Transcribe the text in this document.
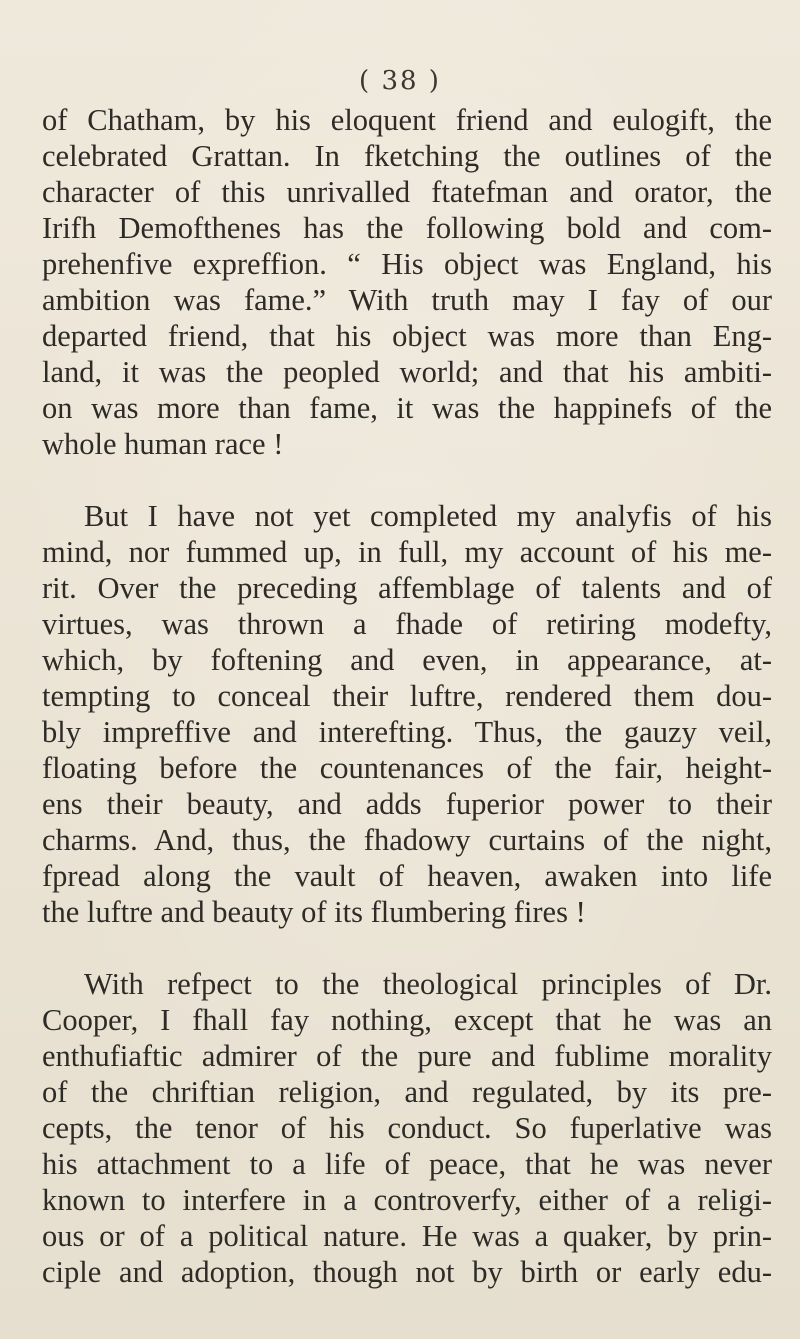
( 38 )
of Chatham, by his eloquent friend and eulogift, the
celebrated Grattan. In fketching the outlines of the
character of this unrivalled ftatefman and orator, the
Irifh Demofthenes has the following bold and com-
prehenfive expreffion. “ His object was England, his
ambition was fame.” With truth may I fay of our
departed friend, that his object was more than Eng-
land, it was the peopled world; and that his ambiti-
on was more than fame, it was the happinefs of the
whole human race !
But I have not yet completed my analyfis of his
mind, nor fummed up, in full, my account of his me-
rit. Over the preceding affemblage of talents and of
virtues, was thrown a fhade of retiring modefty,
which, by foftening and even, in appearance, at-
tempting to conceal their luftre, rendered them dou-
bly impreffive and interefting. Thus, the gauzy veil,
floating before the countenances of the fair, height-
ens their beauty, and adds fuperior power to their
charms. And, thus, the fhadowy curtains of the night,
fpread along the vault of heaven, awaken into life
the luftre and beauty of its flumbering fires !
With refpect to the theological principles of Dr.
Cooper, I fhall fay nothing, except that he was an
enthufiaftic admirer of the pure and fublime morality
of the chriftian religion, and regulated, by its pre-
cepts, the tenor of his conduct. So fuperlative was
his attachment to a life of peace, that he was never
known to interfere in a controverfy, either of a religi-
ous or of a political nature. He was a quaker, by prin-
ciple and adoption, though not by birth or early edu-
